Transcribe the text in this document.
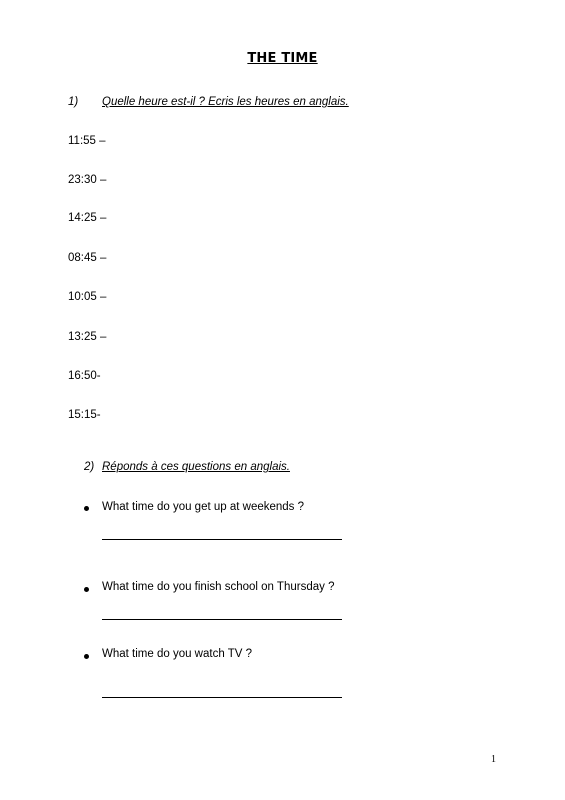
THE TIME
1) Quelle heure est-il ? Ecris les heures en anglais.
11:55 –
23:30 –
14:25 –
08:45 –
10:05 –
13:25 –
16:50-
15:15-
2) Réponds à ces questions en anglais.
What time do you get up at weekends ?
What time do you finish school on Thursday ?
What time do you watch TV ?
1
